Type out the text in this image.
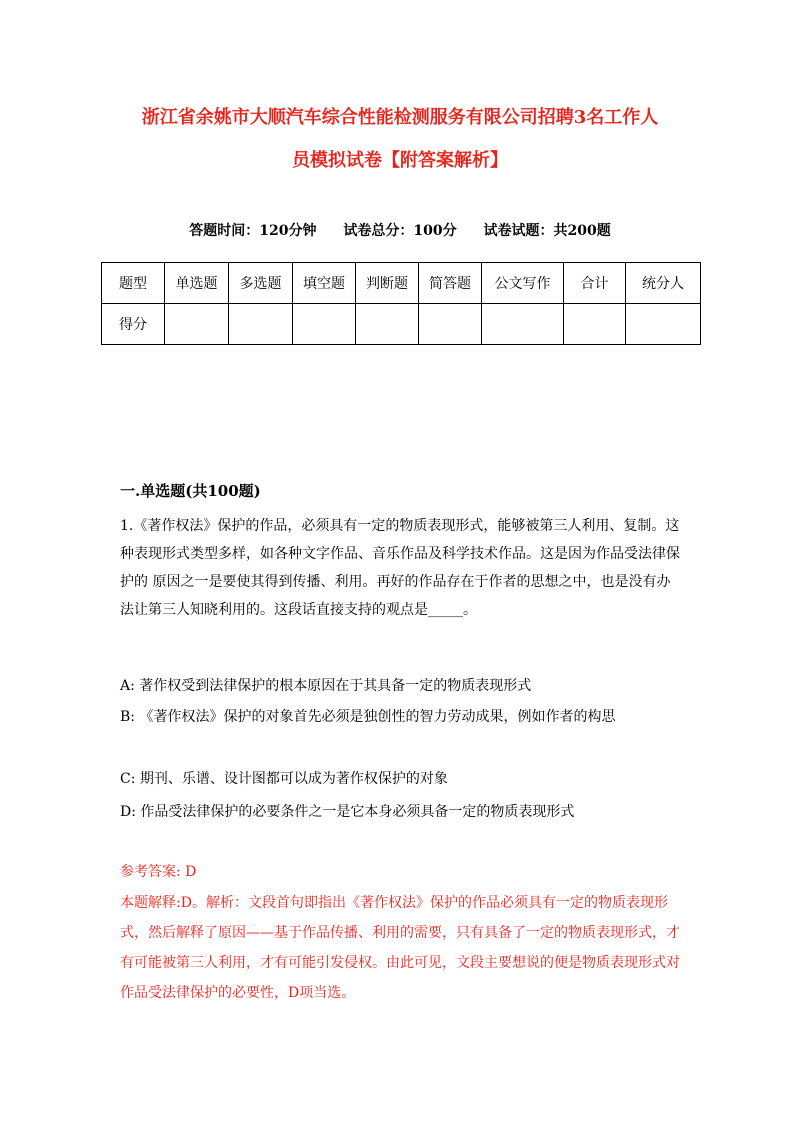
浙江省余姚市大顺汽车综合性能检测服务有限公司招聘3名工作人
员模拟试卷【附答案解析】
答题时间：120分钟 试卷总分：100分 试卷试题：共200题
题型	单选题	多选题	填空题	判断题	简答题	公文写作	合计	统分人
得分								
一.单选题(共100题)
1.《著作权法》保护的作品，必须具有一定的物质表现形式，能够被第三人利用、复制。这种表现形式类型多样，如各种文字作品、音乐作品及科学技术作品。这是因为作品受法律保护的 原因之一是要使其得到传播、利用。再好的作品存在于作者的思想之中，也是没有办法让第三人知晓利用的。这段话直接支持的观点是_____。
A: 著作权受到法律保护的根本原因在于其具备一定的物质表现形式
B: 《著作权法》保护的对象首先必须是独创性的智力劳动成果，例如作者的构思
C: 期刊、乐谱、设计图都可以成为著作权保护的对象
D: 作品受法律保护的必要条件之一是它本身必须具备一定的物质表现形式
参考答案: D
本题解释:D。解析：文段首句即指出《著作权法》保护的作品必须具有一定的物质表现形式，然后解释了原因——基于作品传播、利用的需要，只有具备了一定的物质表现形式，才有可能被第三人利用，才有可能引发侵权。由此可见，文段主要想说的便是物质表现形式对作品受法律保护的必要性，D项当选。
